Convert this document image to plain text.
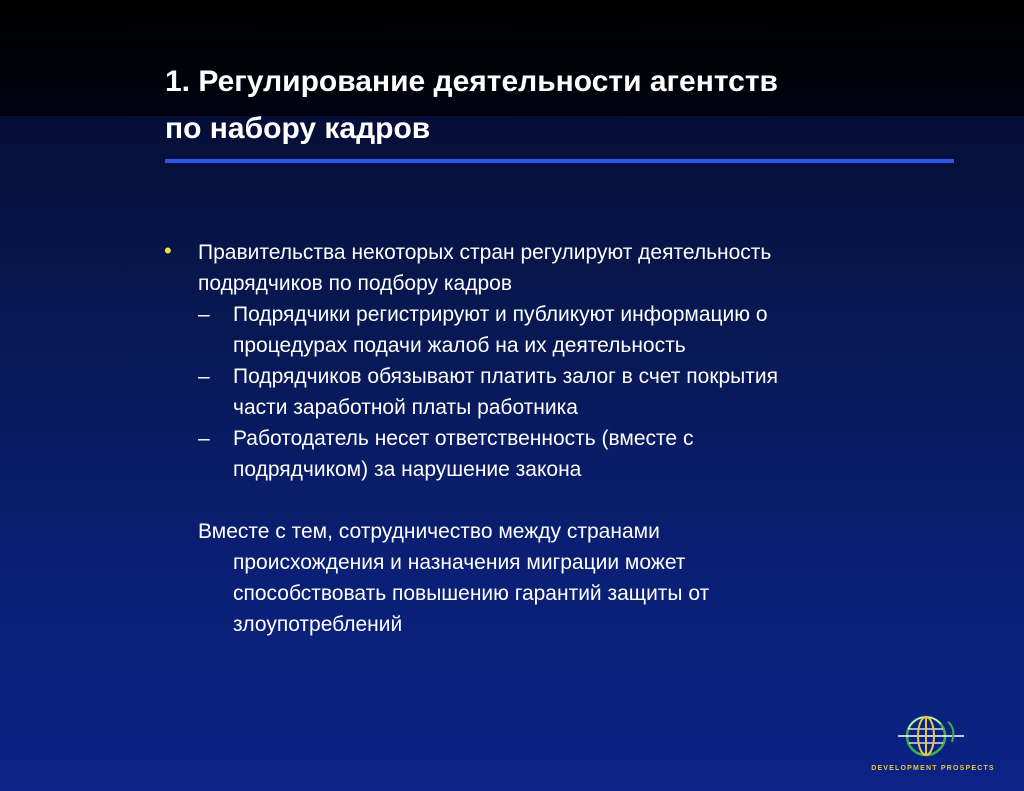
1. Регулирование деятельности агентств
по набору кадров
• Правительства некоторых стран регулируют деятельность
подрядчиков по подбору кадров
– Подрядчики регистрируют и публикуют информацию о
процедурах подачи жалоб на их деятельность
– Подрядчиков обязывают платить залог в счет покрытия
части заработной платы работника
– Работодатель несет ответственность (вместе с
подрядчиком) за нарушение закона
Вместе с тем, сотрудничество между странами
происхождения и назначения миграции может
способствовать повышению гарантий защиты от
злоупотреблений
DEVELOPMENT PROSPECTS
